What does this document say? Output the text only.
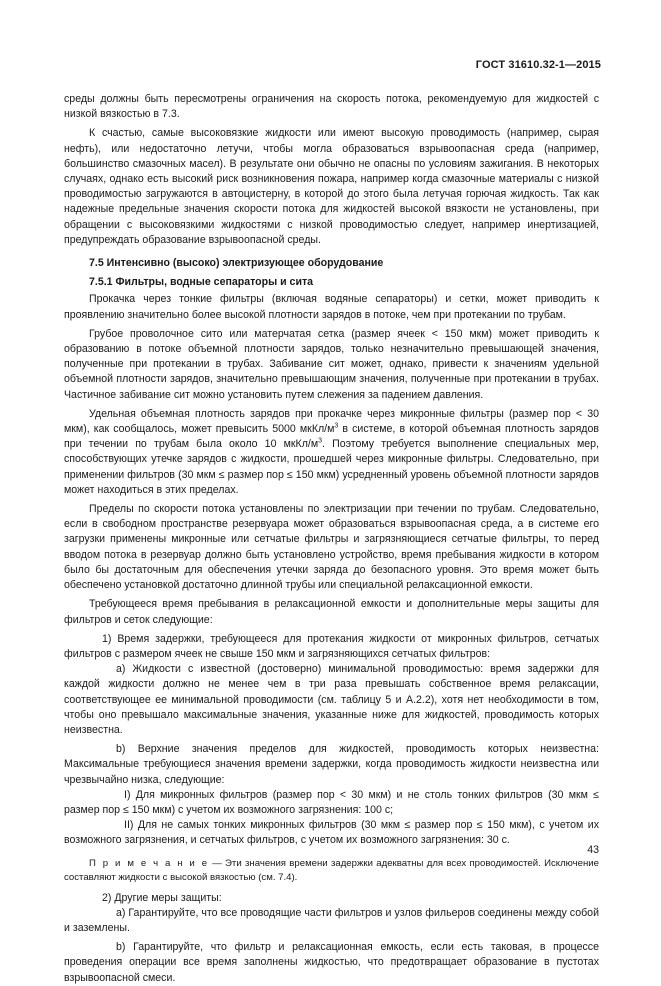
ГОСТ 31610.32-1—2015

среды должны быть пересмотрены ограничения на скорость потока, рекомендуемую для жидкостей с низкой вязкостью в 7.3.

К счастью, самые высоковязкие жидкости или имеют высокую проводимость (например, сырая нефть), или недостаточно летучи, чтобы могла образоваться взрывоопасная среда (например, большинство смазочных масел). В результате они обычно не опасны по условиям зажигания. В некоторых случаях, однако есть высокий риск возникновения пожара, например когда смазочные материалы с низкой проводимостью загружаются в автоцистерну, в которой до этого была летучая горючая жидкость. Так как надежные предельные значения скорости потока для жидкостей высокой вязкости не установлены, при обращении с высоковязкими жидкостями с низкой проводимостью следует, например инертизацией, предупреждать образование взрывоопасной среды.

7.5 Интенсивно (высоко) электризующее оборудование

7.5.1 Фильтры, водные сепараторы и сита

Прокачка через тонкие фильтры (включая водяные сепараторы) и сетки, может приводить к проявлению значительно более высокой плотности зарядов в потоке, чем при протекании по трубам.

Грубое проволочное сито или матерчатая сетка (размер ячеек < 150 мкм) может приводить к образованию в потоке объемной плотности зарядов, только незначительно превышающей значения, полученные при протекании в трубах. Забивание сит может, однако, привести к значениям удельной объемной плотности зарядов, значительно превышающим значения, полученные при протекании в трубах. Частичное забивание сит можно установить путем слежения за падением давления.

Удельная объемная плотность зарядов при прокачке через микронные фильтры (размер пор < 30 мкм), как сообщалось, может превысить 5000 мкКл/$м^3$ в системе, в которой объемная плотность зарядов при течении по трубам была около 10 мкКл/$м^3$. Поэтому требуется выполнение специальных мер, способствующих утечке зарядов с жидкости, прошедшей через микронные фильтры. Следовательно, при применении фильтров (30 мкм ≤ размер пор ≤ 150 мкм) усредненный уровень объемной плотности зарядов может находиться в этих пределах.

Пределы по скорости потока установлены по электризации при течении по трубам. Следовательно, если в свободном пространстве резервуара может образоваться взрывоопасная среда, а в системе его загрузки применены микронные или сетчатые фильтры и загрязняющиеся сетчатые фильтры, то перед вводом потока в резервуар должно быть установлено устройство, время пребывания жидкости в котором было бы достаточным для обеспечения утечки заряда до безопасного уровня. Это время может быть обеспечено установкой достаточно длинной трубы или специальной релаксационной емкости.

Требующееся время пребывания в релаксационной емкости и дополнительные меры защиты для фильтров и сеток следующие:

1) Время задержки, требующееся для протекания жидкости от микронных фильтров, сетчатых фильтров с размером ячеек не свыше 150 мкм и загрязняющихся сетчатых фильтров:

a) Жидкости с известной (достоверно) минимальной проводимостью: время задержки для каждой жидкости должно не менее чем в три раза превышать собственное время релаксации, соответствующее ее минимальной проводимости (см. таблицу 5 и А.2.2), хотя нет необходимости в том, чтобы оно превышало максимальные значения, указанные ниже для жидкостей, проводимость которых неизвестна.

b) Верхние значения пределов для жидкостей, проводимость которых неизвестна: Максимальные требующиеся значения времени задержки, когда проводимость жидкости неизвестна или чрезвычайно низка, следующие:

I) Для микронных фильтров (размер пор < 30 мкм) и не столь тонких фильтров (30 мкм ≤ размер пор ≤ 150 мкм) с учетом их возможного загрязнения: 100 с;

II) Для не самых тонких микронных фильтров (30 мкм ≤ размер пор ≤ 150 мкм), с учетом их возможного загрязнения, и сетчатых фильтров, с учетом их возможного загрязнения: 30 с.

П р и м е ч а н и е — Эти значения времени задержки адекватны для всех проводимостей. Исключение составляют жидкости с высокой вязкостью (см. 7.4).

2) Другие меры защиты:

a) Гарантируйте, что все проводящие части фильтров и узлов фильеров соединены между собой и заземлены.

b) Гарантируйте, что фильтр и релаксационная емкость, если есть таковая, в процессе проведения операции все время заполнены жидкостью, что предотвращает образование в пустотах взрывоопасной смеси.

43
